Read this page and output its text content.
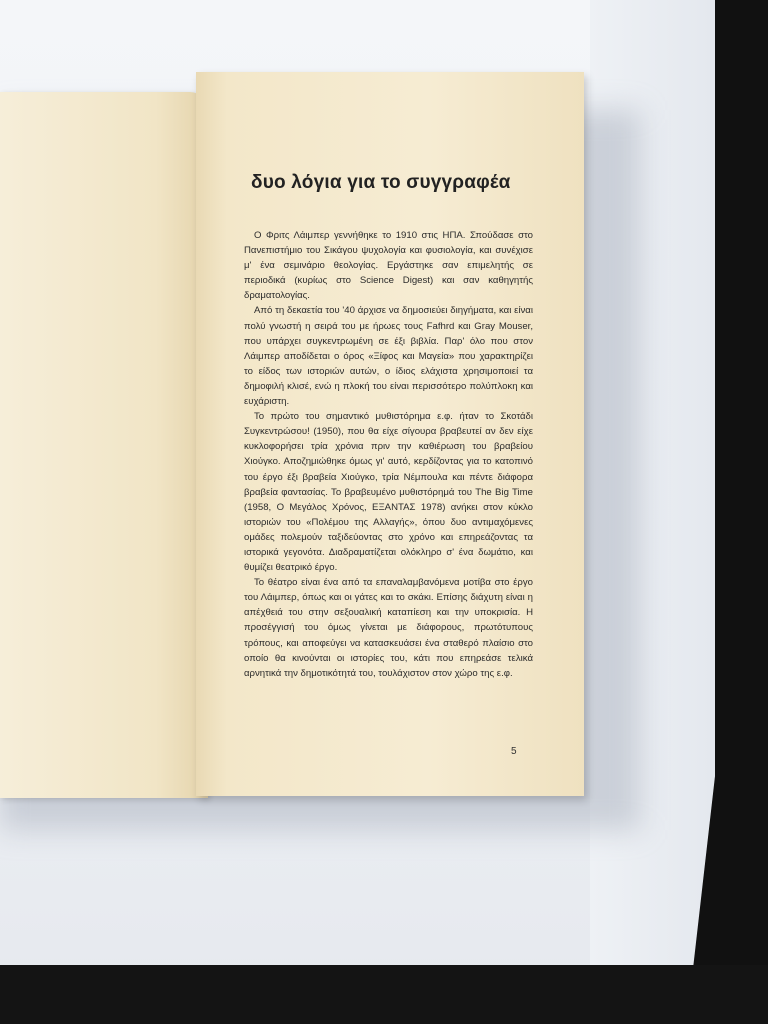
δυο λόγια για το συγγραφέα

Ο Φριτς Λάιμπερ γεννήθηκε το 1910 στις ΗΠΑ. Σπούδασε στο Πανεπιστήμιο του Σικάγου ψυχολογία και φυσιολογία, και συνέχισε μ' ένα σεμινάριο θεολογίας. Εργάστηκε σαν επιμελητής σε περιοδικά (κυρίως στο Science Digest) και σαν καθηγητής δραματολογίας.

Από τη δεκαετία του '40 άρχισε να δημοσιεύει διηγήματα, και είναι πολύ γνωστή η σειρά του με ήρωες τους Fafhrd και Gray Mouser, που υπάρχει συγκεντρωμένη σε έξι βιβλία. Παρ' όλο που στον Λάιμπερ αποδίδεται ο όρος «Ξίφος και Μαγεία» που χαρακτηρίζει το είδος των ιστοριών αυτών, ο ίδιος ελάχιστα χρησιμοποιεί τα δημοφιλή κλισέ, ενώ η πλοκή του είναι περισσότερο πολύπλοκη και ευχάριστη.

Το πρώτο του σημαντικό μυθιστόρημα ε.φ. ήταν το Σκοτάδι Συγκεντρώσου! (1950), που θα είχε σίγουρα βραβευτεί αν δεν είχε κυκλοφορήσει τρία χρόνια πριν την καθιέρωση του βραβείου Χιούγκο. Αποζημιώθηκε όμως γι' αυτό, κερδίζοντας για το κατοπινό του έργο έξι βραβεία Χιούγκο, τρία Νέμπουλα και πέντε διάφορα βραβεία φαντασίας. Το βραβευμένο μυθιστόρημά του The Big Time (1958, Ο Μεγάλος Χρόνος, ΕΞΑΝΤΑΣ 1978) ανήκει στον κύκλο ιστοριών του «Πολέμου της Αλλαγής», όπου δυο αντιμαχόμενες ομάδες πολεμούν ταξιδεύοντας στο χρόνο και επηρεάζοντας τα ιστορικά γεγονότα. Διαδραματίζεται ολόκληρο σ' ένα δωμάτιο, και θυμίζει θεατρικό έργο.

Το θέατρο είναι ένα από τα επαναλαμβανόμενα μοτίβα στο έργο του Λάιμπερ, όπως και οι γάτες και το σκάκι. Επίσης διάχυτη είναι η απέχθειά του στην σεξουαλική καταπίεση και την υποκρισία. Η προσέγγισή του όμως γίνεται με διάφορους, πρωτότυπους τρόπους, και αποφεύγει να κατασκευάσει ένα σταθερό πλαίσιο στο οποίο θα κινούνται οι ιστορίες του, κάτι που επηρεάσε τελικά αρνητικά την δημοτικότητά του, τουλάχιστον στον χώρο της ε.φ.

5
